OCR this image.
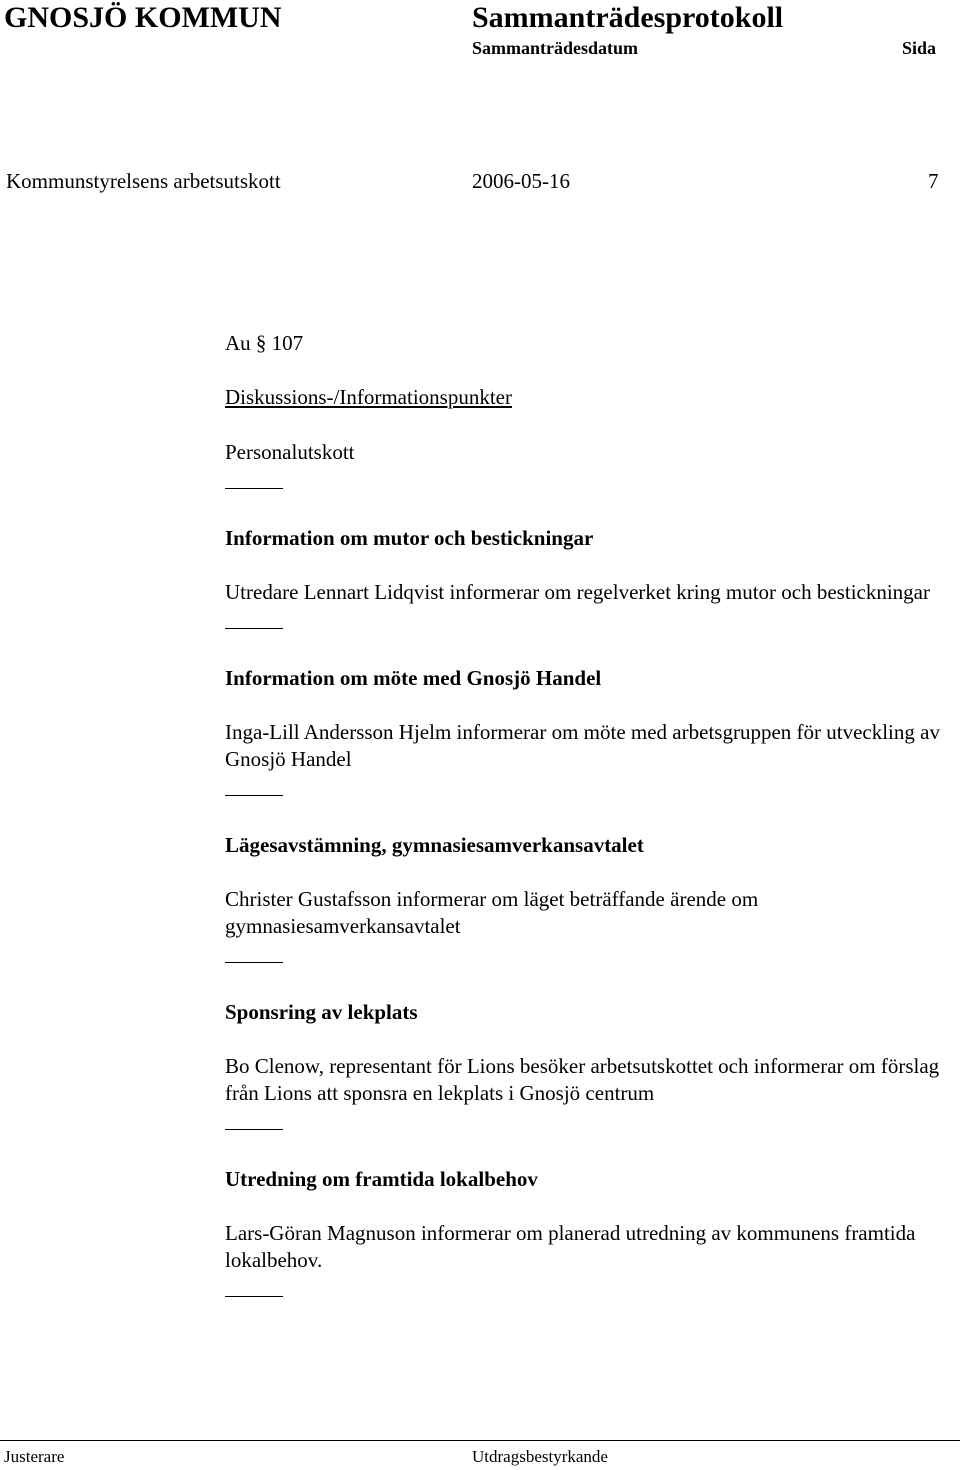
GNOSJÖ KOMMUN	Sammanträdesprotokoll
Sammanträdesdatum	Sida
Kommunstyrelsens arbetsutskott	2006-05-16	7

Au § 107

Diskussions-/Informationspunkter

Personalutskott

Information om mutor och bestickningar

Utredare Lennart Lidqvist informerar om regelverket kring mutor och bestickningar

Information om möte med Gnosjö Handel

Inga-Lill Andersson Hjelm informerar om möte med arbetsgruppen för utveckling av Gnosjö Handel

Lägesavstämning, gymnasiesamverkansavtalet

Christer Gustafsson informerar om läget beträffande ärende om gymnasiesamverkansavtalet

Sponsring av lekplats

Bo Clenow, representant för Lions besöker arbetsutskottet och informerar om förslag från Lions att sponsra en lekplats i Gnosjö centrum

Utredning om framtida lokalbehov

Lars-Göran Magnuson informerar om planerad utredning av kommunens framtida lokalbehov.

Justerare	Utdragsbestyrkande
